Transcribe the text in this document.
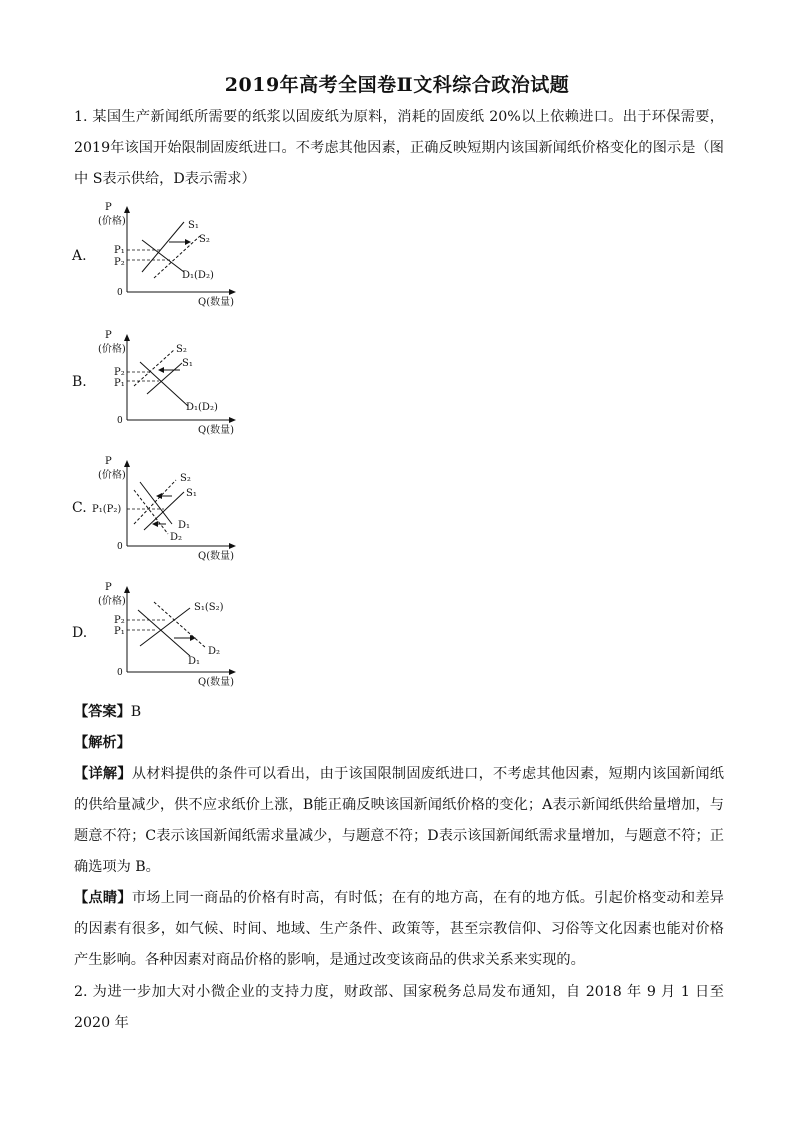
2019年高考全国卷Ⅱ文科综合政治试题
1. 某国生产新闻纸所需要的纸浆以固废纸为原料，消耗的固废纸 20%以上依赖进口。出于环保需要，2019年该国开始限制固废纸进口。不考虑其他因素，正确反映短期内该国新闻纸价格变化的图示是（图中 S表示供给，D表示需求）
A.
P
(价格)
0
Q(数量)
S₁
S₂
D₁(D₂)
P₁
P₂
B.
P
(价格)
0
Q(数量)
S₂
S₁
D₁(D₂)
P₂
P₁
C.
P
(价格)
0
Q(数量)
S₂
S₁
D₁
D₂
P₁(P₂)
D.
P
(价格)
0
Q(数量)
S₁(S₂)
D₁
D₂
P₂
P₁
【答案】B
【解析】
【详解】从材料提供的条件可以看出，由于该国限制固废纸进口，不考虑其他因素，短期内该国新闻纸的供给量减少，供不应求纸价上涨，B能正确反映该国新闻纸价格的变化；A表示新闻纸供给量增加，与题意不符；C表示该国新闻纸需求量减少，与题意不符；D表示该国新闻纸需求量增加，与题意不符；正确选项为 B。
【点睛】市场上同一商品的价格有时高，有时低；在有的地方高，在有的地方低。引起价格变动和差异的因素有很多，如气候、时间、地域、生产条件、政策等，甚至宗教信仰、习俗等文化因素也能对价格产生影响。各种因素对商品价格的影响，是通过改变该商品的供求关系来实现的。
2. 为进一步加大对小微企业的支持力度，财政部、国家税务总局发布通知，自 2018 年 9 月 1 日至 2020 年
